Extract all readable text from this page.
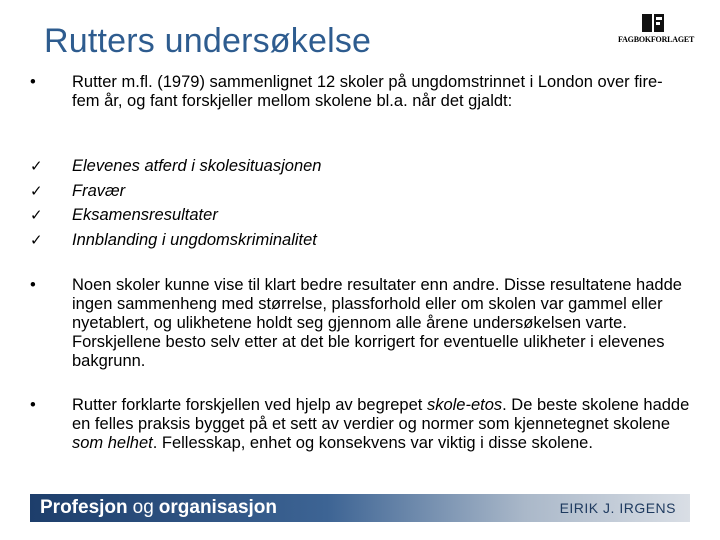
Rutters undersøkelse	FAGBOKFORLAGET
•	Rutter m.fl. (1979) sammenlignet 12 skoler på ungdomstrinnet i London over fire-fem år, og fant forskjeller mellom skolene bl.a. når det gjaldt:
✓ Elevenes atferd i skolesituasjonen
✓ Fravær
✓ Eksamensresultater
✓ Innblanding i ungdomskriminalitet
•	Noen skoler kunne vise til klart bedre resultater enn andre. Disse resultatene hadde ingen sammenheng med størrelse, plassforhold eller om skolen var gammel eller nyetablert, og ulikhetene holdt seg gjennom alle årene undersøkelsen varte. Forskjellene besto selv etter at det ble korrigert for eventuelle ulikheter i elevenes bakgrunn.
•	Rutter forklarte forskjellen ved hjelp av begrepet skole-etos. De beste skolene hadde en felles praksis bygget på et sett av verdier og normer som kjennetegnet skolene som helhet. Fellesskap, enhet og konsekvens var viktig i disse skolene.
Profesjon og organisasjon	EIRIK J. IRGENS
